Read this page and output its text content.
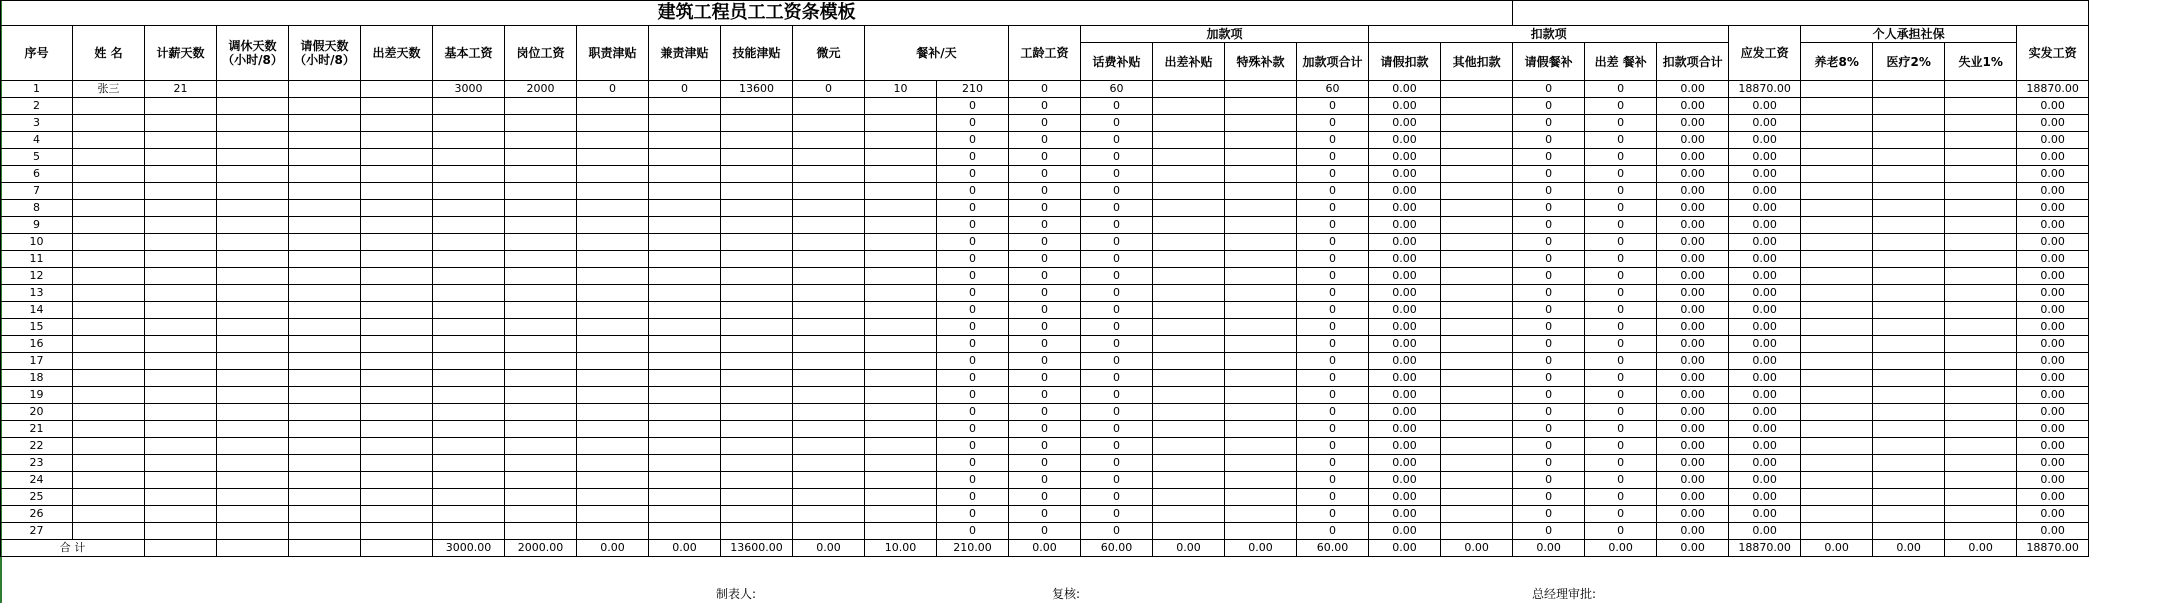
建筑工程员工工资条模板																													
序号	姓 名	计薪天数	调休天数（小时/8）	请假天数（小时/8）	出差天数	基本工资	岗位工资	职责津贴	兼责津贴	技能津贴	微元	餐补/天		工龄工资	加款项				扣款项					应发工资	个人承担社保			实发工资	
															话费补贴	出差补贴	特殊补款	加款项合计	请假扣款	其他扣款	请假餐补	出差 餐补	扣款项合计		养老8%	医疗2%	失业1%		
1	张三	21				3000	2000	0	0	13600	0	10	210	0	60			60	0.00		0	0	0.00	18870.00				18870.00	
2													0	0	0			0	0.00		0	0	0.00	0.00				0.00	
3													0	0	0			0	0.00		0	0	0.00	0.00				0.00	
4													0	0	0			0	0.00		0	0	0.00	0.00				0.00	
5													0	0	0			0	0.00		0	0	0.00	0.00				0.00	
6													0	0	0			0	0.00		0	0	0.00	0.00				0.00	
7													0	0	0			0	0.00		0	0	0.00	0.00				0.00	
8													0	0	0			0	0.00		0	0	0.00	0.00				0.00	
9													0	0	0			0	0.00		0	0	0.00	0.00				0.00	
10													0	0	0			0	0.00		0	0	0.00	0.00				0.00	
11													0	0	0			0	0.00		0	0	0.00	0.00				0.00	
12													0	0	0			0	0.00		0	0	0.00	0.00				0.00	
13													0	0	0			0	0.00		0	0	0.00	0.00				0.00	
14													0	0	0			0	0.00		0	0	0.00	0.00				0.00	
15													0	0	0			0	0.00		0	0	0.00	0.00				0.00	
16													0	0	0			0	0.00		0	0	0.00	0.00				0.00	
17													0	0	0			0	0.00		0	0	0.00	0.00				0.00	
18													0	0	0			0	0.00		0	0	0.00	0.00				0.00	
19													0	0	0			0	0.00		0	0	0.00	0.00				0.00	
20													0	0	0			0	0.00		0	0	0.00	0.00				0.00	
21													0	0	0			0	0.00		0	0	0.00	0.00				0.00	
22													0	0	0			0	0.00		0	0	0.00	0.00				0.00	
23													0	0	0			0	0.00		0	0	0.00	0.00				0.00	
24													0	0	0			0	0.00		0	0	0.00	0.00				0.00	
25													0	0	0			0	0.00		0	0	0.00	0.00				0.00	
26													0	0	0			0	0.00		0	0	0.00	0.00				0.00	
27													0	0	0			0	0.00		0	0	0.00	0.00				0.00	
合 计						3000.00	2000.00	0.00	0.00	13600.00	0.00	10.00	210.00	0.00	60.00	0.00	0.00	60.00	0.00	0.00	0.00	0.00	0.00	18870.00	0.00	0.00	0.00	18870.00	
制表人:	复核:	总经理审批:
